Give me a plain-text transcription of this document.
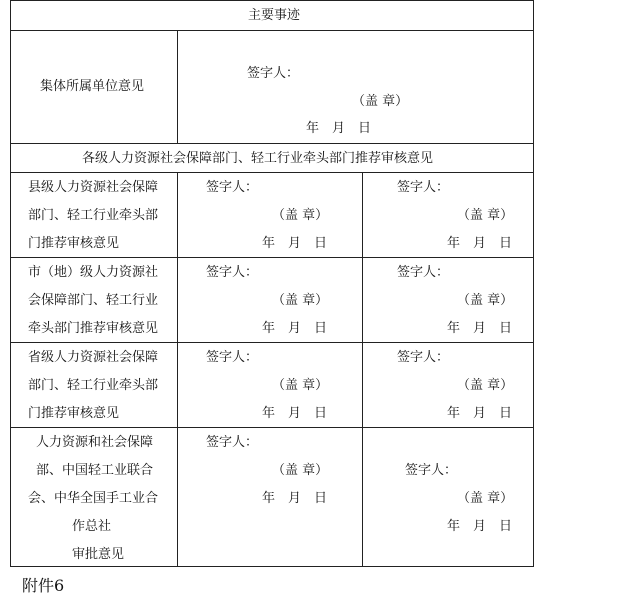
主要事迹
集体所属单位意见
签字人：
（盖 章）
年　月　日
各级人力资源社会保障部门、轻工行业牵头部门推荐审核意见
县级人力资源社会保障
部门、轻工行业牵头部
门推荐审核意见
签字人：
（盖 章）
年　月　日
签字人：
（盖 章）
年　月　日
市（地）级人力资源社
会保障部门、轻工行业
牵头部门推荐审核意见
签字人：
（盖 章）
年　月　日
签字人：
（盖 章）
年　月　日
省级人力资源社会保障
部门、轻工行业牵头部
门推荐审核意见
签字人：
（盖 章）
年　月　日
签字人：
（盖 章）
年　月　日
人力资源和社会保障
部、中国轻工业联合
会、中华全国手工业合
作总社
审批意见
签字人：
（盖 章）
年　月　日
签字人：
（盖 章）
年　月　日
附件6
